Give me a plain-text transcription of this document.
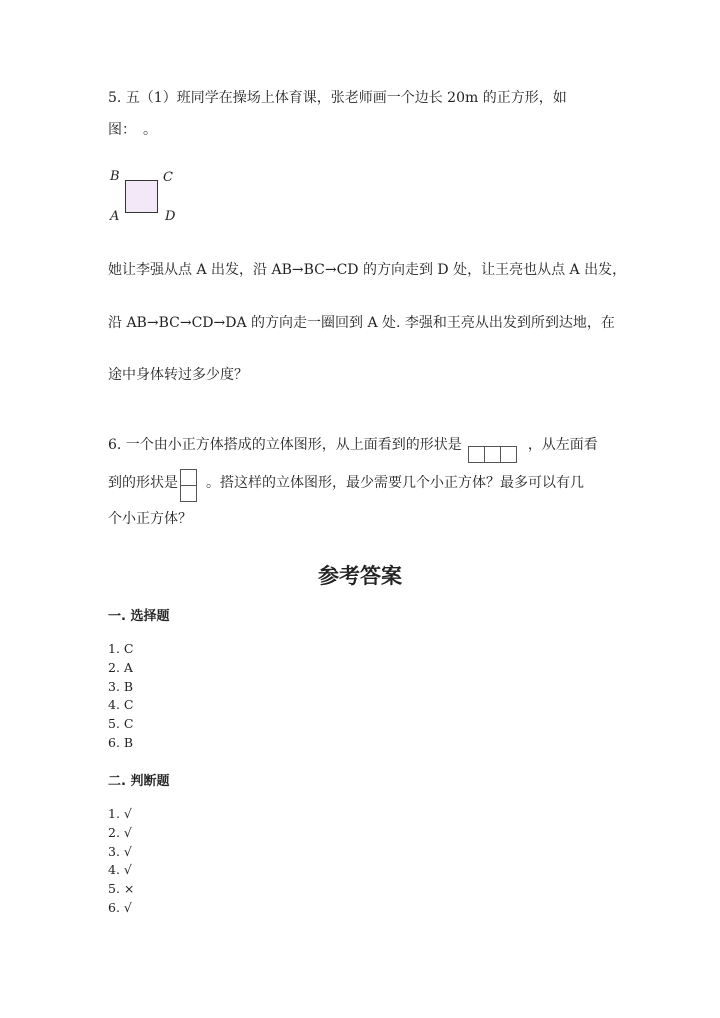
5. 五（1）班同学在操场上体育课，张老师画一个边长 20m 的正方形，如
图：　。
B	C
A	D
她让李强从点 A 出发，沿 AB→BC→CD 的方向走到 D 处，让王亮也从点 A 出发，
沿 AB→BC→CD→DA 的方向走一圈回到 A 处. 李强和王亮从出发到所到达地，在
途中身体转过多少度？
6. 一个由小正方体搭成的立体图形，从上面看到的形状是	，从左面看
到的形状是 。搭这样的立体图形，最少需要几个小正方体？最多可以有几
个小正方体？
参考答案
一. 选择题
1. C
2. A
3. B
4. C
5. C
6. B
二. 判断题
1. √
2. √
3. √
4. √
5. ×
6. √
